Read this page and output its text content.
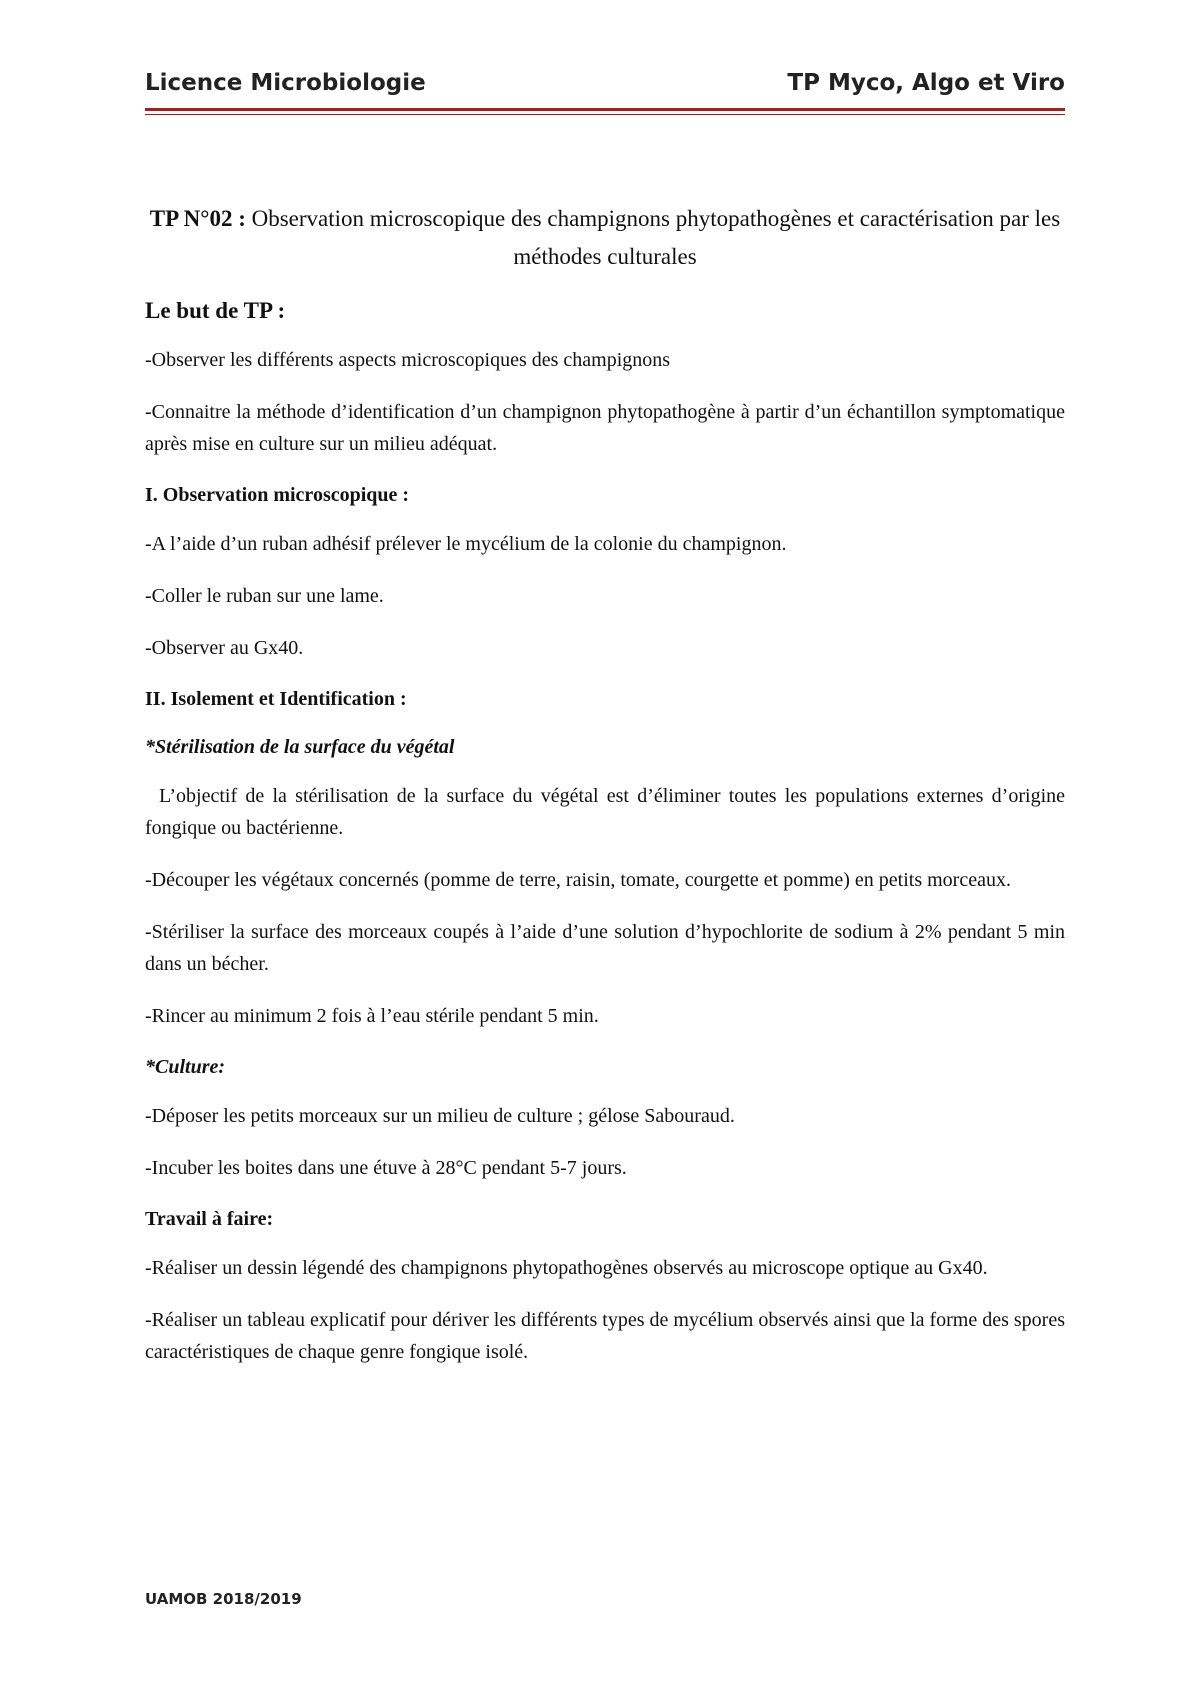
Licence Microbiologie	TP Myco, Algo et Viro
TP N°02 : Observation microscopique des champignons phytopathogènes et caractérisation par les méthodes culturales
Le but de TP :

-Observer les différents aspects microscopiques des champignons

-Connaitre la méthode d’identification d’un champignon phytopathogène à partir d’un échantillon symptomatique après mise en culture sur un milieu adéquat.

I. Observation microscopique :

-A l’aide d’un ruban adhésif prélever le mycélium de la colonie du champignon.

-Coller le ruban sur une lame.

-Observer au Gx40.

II. Isolement et Identification :
*Stérilisation de la surface du végétal

L’objectif de la stérilisation de la surface du végétal est d’éliminer toutes les populations externes d’origine fongique ou bactérienne.

-Découper les végétaux concernés (pomme de terre, raisin, tomate, courgette et pomme) en petits morceaux.

-Stériliser la surface des morceaux coupés à l’aide d’une solution d’hypochlorite de sodium à 2% pendant 5 min dans un bécher.

-Rincer au minimum 2 fois à l’eau stérile pendant 5 min.

*Culture:

-Déposer les petits morceaux sur un milieu de culture ; gélose Sabouraud.

-Incuber les boites dans une étuve à 28°C pendant 5-7 jours.

Travail à faire:

-Réaliser un dessin légendé des champignons phytopathogènes observés au microscope optique au Gx40.

-Réaliser un tableau explicatif pour dériver les différents types de mycélium observés ainsi que la forme des spores caractéristiques de chaque genre fongique isolé.

UAMOB 2018/2019
